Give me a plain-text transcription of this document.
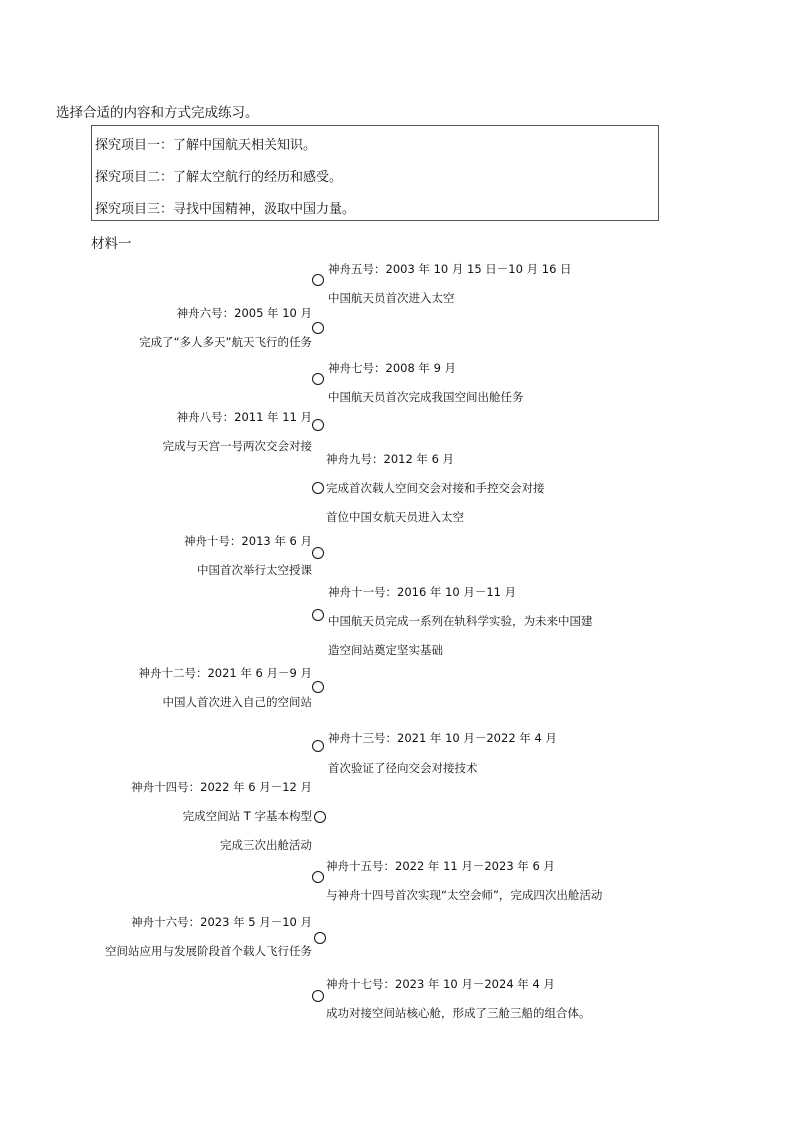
选择合适的内容和方式完成练习。
探究项目一：了解中国航天相关知识。
探究项目二：了解太空航行的经历和感受。
探究项目三：寻找中国精神，汲取中国力量。
材料一
神舟五号：2003 年 10 月 15 日－10 月 16 日
中国航天员首次进入太空
神舟六号：2005 年 10 月
完成了“多人多天”航天飞行的任务
神舟七号：2008 年 9 月
中国航天员首次完成我国空间出舱任务
神舟八号：2011 年 11 月
完成与天宫一号两次交会对接
神舟九号：2012 年 6 月
完成首次载人空间交会对接和手控交会对接
首位中国女航天员进入太空
神舟十号：2013 年 6 月
中国首次举行太空授课
神舟十一号：2016 年 10 月－11 月
中国航天员完成一系列在轨科学实验，为未来中国建
造空间站奠定坚实基础
神舟十二号：2021 年 6 月－9 月
中国人首次进入自己的空间站
神舟十三号：2021 年 10 月－2022 年 4 月
首次验证了径向交会对接技术
神舟十四号：2022 年 6 月－12 月
完成空间站 T 字基本构型
完成三次出舱活动
神舟十五号：2022 年 11 月－2023 年 6 月
与神舟十四号首次实现“太空会师”，完成四次出舱活动
神舟十六号：2023 年 5 月－10 月
空间站应用与发展阶段首个载人飞行任务
神舟十七号：2023 年 10 月－2024 年 4 月
成功对接空间站核心舱，形成了三舱三船的组合体。
